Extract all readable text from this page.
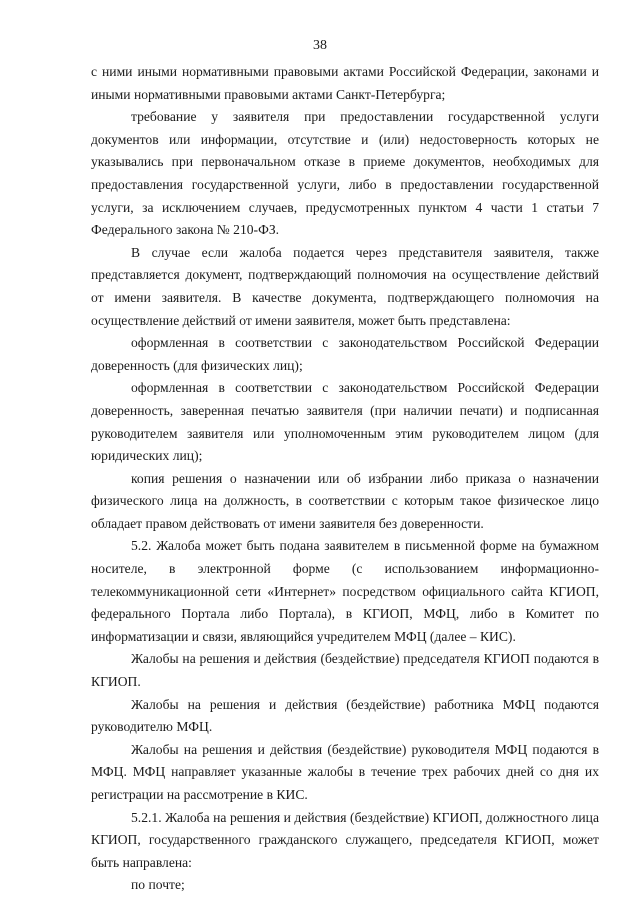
38

с ними иными нормативными правовыми актами Российской Федерации, законами и иными нормативными правовыми актами Санкт-Петербурга;

требование у заявителя при предоставлении государственной услуги документов или информации, отсутствие и (или) недостоверность которых не указывались при первоначальном отказе в приеме документов, необходимых для предоставления государственной услуги, либо в предоставлении государственной услуги, за исключением случаев, предусмотренных пунктом 4 части 1 статьи 7 Федерального закона № 210-ФЗ.

В случае если жалоба подается через представителя заявителя, также представляется документ, подтверждающий полномочия на осуществление действий от имени заявителя. В качестве документа, подтверждающего полномочия на осуществление действий от имени заявителя, может быть представлена:

оформленная в соответствии с законодательством Российской Федерации доверенность (для физических лиц);

оформленная в соответствии с законодательством Российской Федерации доверенность, заверенная печатью заявителя (при наличии печати) и подписанная руководителем заявителя или уполномоченным этим руководителем лицом (для юридических лиц);

копия решения о назначении или об избрании либо приказа о назначении физического лица на должность, в соответствии с которым такое физическое лицо обладает правом действовать от имени заявителя без доверенности.

5.2. Жалоба может быть подана заявителем в письменной форме на бумажном носителе, в электронной форме (с использованием информационно-телекоммуникационной сети «Интернет» посредством официального сайта КГИОП, федерального Портала либо Портала), в КГИОП, МФЦ, либо в Комитет по информатизации и связи, являющийся учредителем МФЦ (далее – КИС).

Жалобы на решения и действия (бездействие) председателя КГИОП подаются в КГИОП.

Жалобы на решения и действия (бездействие) работника МФЦ подаются руководителю МФЦ.

Жалобы на решения и действия (бездействие) руководителя МФЦ подаются в МФЦ. МФЦ направляет указанные жалобы в течение трех рабочих дней со дня их регистрации на рассмотрение в КИС.

5.2.1. Жалоба на решения и действия (бездействие) КГИОП, должностного лица КГИОП, государственного гражданского служащего, председателя КГИОП, может быть направлена:

по почте;
